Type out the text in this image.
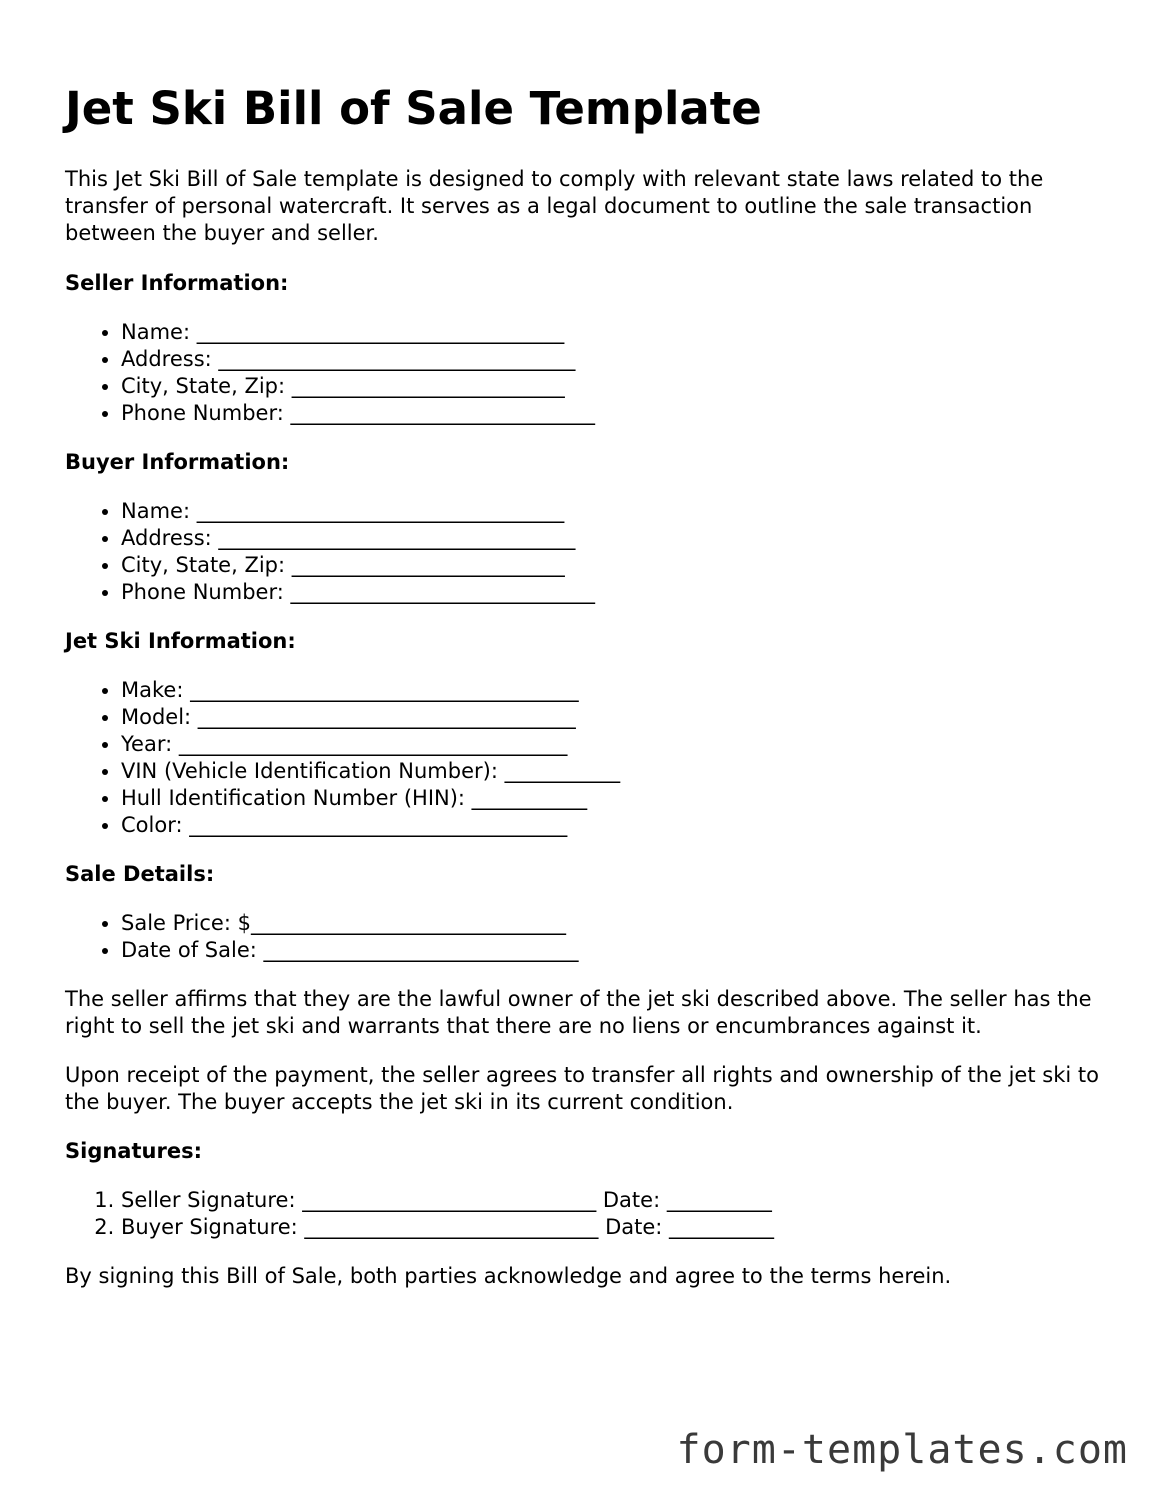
Jet Ski Bill of Sale Template

This Jet Ski Bill of Sale template is designed to comply with relevant state laws related to the transfer of personal watercraft. It serves as a legal document to outline the sale transaction between the buyer and seller.

Seller Information:
• Name: ___________________________________
• Address: __________________________________
• City, State, Zip: __________________________
• Phone Number: _____________________________
Buyer Information:
• Name: ___________________________________
• Address: __________________________________
• City, State, Zip: __________________________
• Phone Number: _____________________________
Jet Ski Information:
• Make: _____________________________________
• Model: ____________________________________
• Year: _____________________________________
• VIN (Vehicle Identification Number): ___________
• Hull Identification Number (HIN): ___________
• Color: ____________________________________
Sale Details:
• Sale Price: $______________________________
• Date of Sale: ______________________________

The seller affirms that they are the lawful owner of the jet ski described above. The seller has the right to sell the jet ski and warrants that there are no liens or encumbrances against it.

Upon receipt of the payment, the seller agrees to transfer all rights and ownership of the jet ski to the buyer. The buyer accepts the jet ski in its current condition.

Signatures:
1. Seller Signature: ____________________________ Date: __________
2. Buyer Signature: ____________________________ Date: __________

By signing this Bill of Sale, both parties acknowledge and agree to the terms herein.

form-templates.com
